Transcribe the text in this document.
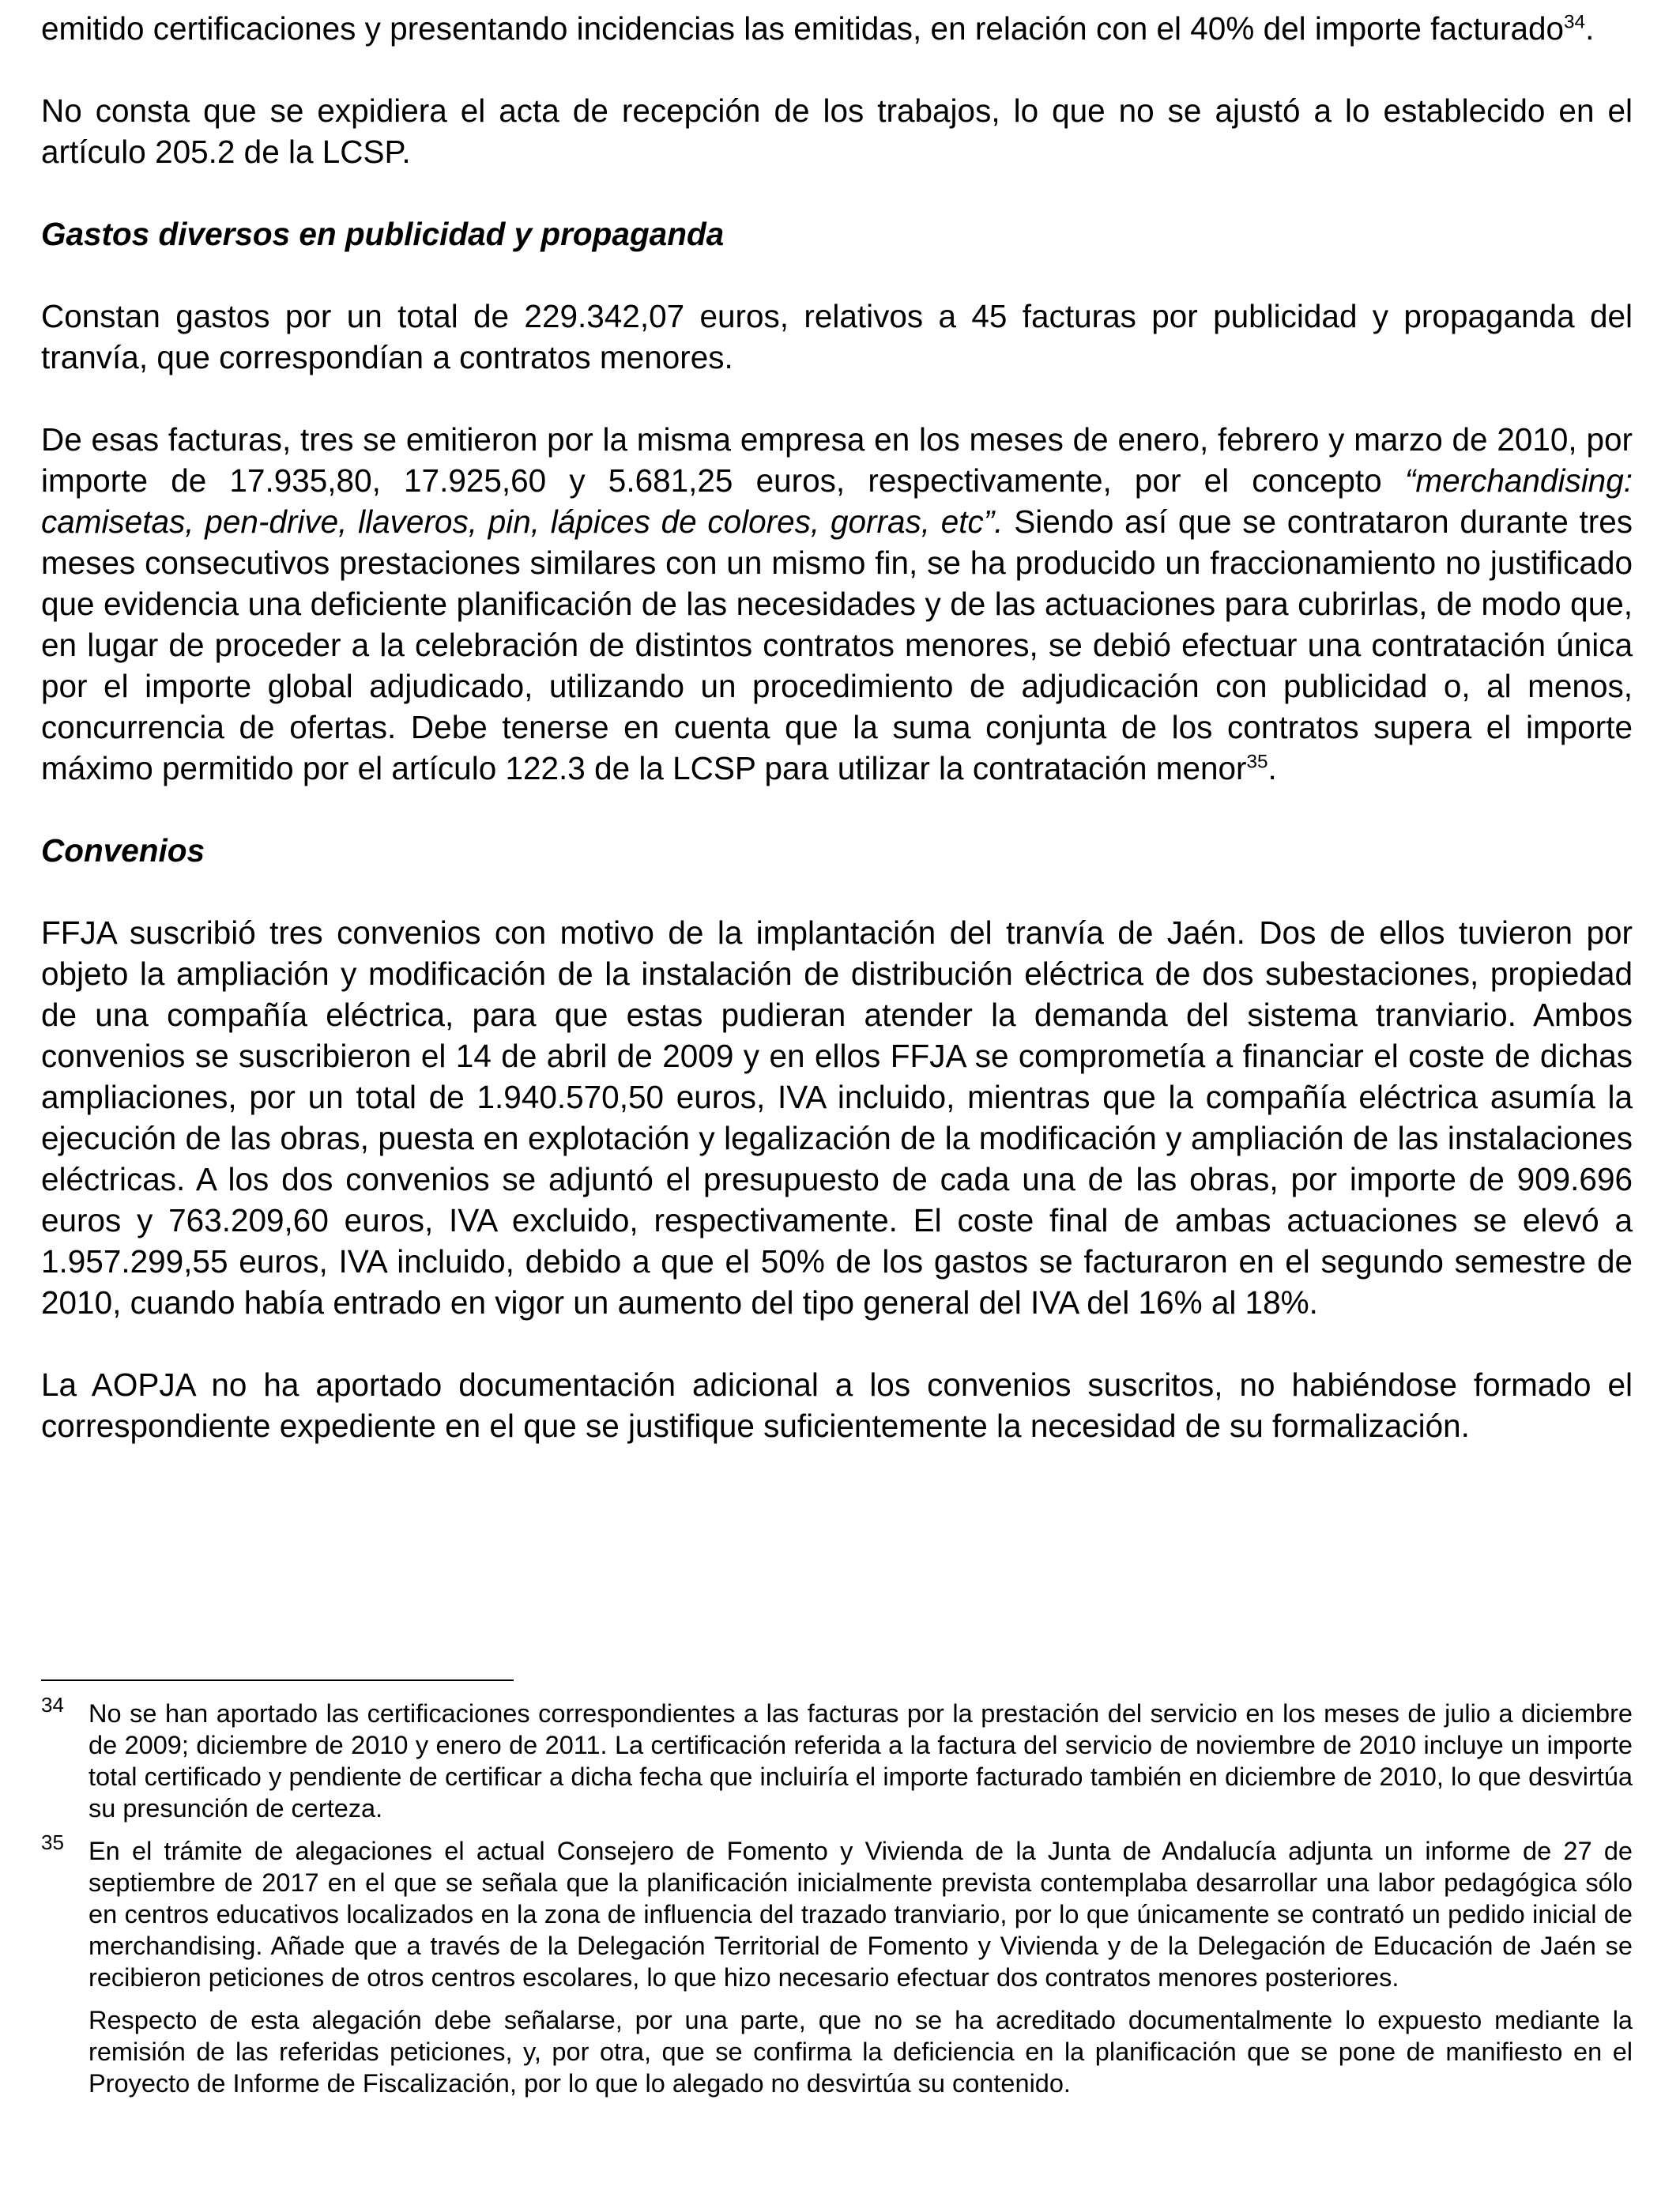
emitido certificaciones y presentando incidencias las emitidas, en relación con el 40% del importe facturado$^{34}$.

No consta que se expidiera el acta de recepción de los trabajos, lo que no se ajustó a lo establecido en el artículo 205.2 de la LCSP.

Gastos diversos en publicidad y propaganda

Constan gastos por un total de 229.342,07 euros, relativos a 45 facturas por publicidad y propaganda del tranvía, que correspondían a contratos menores.

De esas facturas, tres se emitieron por la misma empresa en los meses de enero, febrero y marzo de 2010, por importe de 17.935,80, 17.925,60 y 5.681,25 euros, respectivamente, por el concepto “merchandising: camisetas, pen-drive, llaveros, pin, lápices de colores, gorras, etc”. Siendo así que se contrataron durante tres meses consecutivos prestaciones similares con un mismo fin, se ha producido un fraccionamiento no justificado que evidencia una deficiente planificación de las necesidades y de las actuaciones para cubrirlas, de modo que, en lugar de proceder a la celebración de distintos contratos menores, se debió efectuar una contratación única por el importe global adjudicado, utilizando un procedimiento de adjudicación con publicidad o, al menos, concurrencia de ofertas. Debe tenerse en cuenta que la suma conjunta de los contratos supera el importe máximo permitido por el artículo 122.3 de la LCSP para utilizar la contratación menor$^{35}$.

Convenios

FFJA suscribió tres convenios con motivo de la implantación del tranvía de Jaén. Dos de ellos tuvieron por objeto la ampliación y modificación de la instalación de distribución eléctrica de dos subestaciones, propiedad de una compañía eléctrica, para que estas pudieran atender la demanda del sistema tranviario. Ambos convenios se suscribieron el 14 de abril de 2009 y en ellos FFJA se comprometía a financiar el coste de dichas ampliaciones, por un total de 1.940.570,50 euros, IVA incluido, mientras que la compañía eléctrica asumía la ejecución de las obras, puesta en explotación y legalización de la modificación y ampliación de las instalaciones eléctricas. A los dos convenios se adjuntó el presupuesto de cada una de las obras, por importe de 909.696 euros y 763.209,60 euros, IVA excluido, respectivamente. El coste final de ambas actuaciones se elevó a 1.957.299,55 euros, IVA incluido, debido a que el 50% de los gastos se facturaron en el segundo semestre de 2010, cuando había entrado en vigor un aumento del tipo general del IVA del 16% al 18%.

La AOPJA no ha aportado documentación adicional a los convenios suscritos, no habiéndose formado el correspondiente expediente en el que se justifique suficientemente la necesidad de su formalización.

34 No se han aportado las certificaciones correspondientes a las facturas por la prestación del servicio en los meses de julio a diciembre de 2009; diciembre de 2010 y enero de 2011. La certificación referida a la factura del servicio de noviembre de 2010 incluye un importe total certificado y pendiente de certificar a dicha fecha que incluiría el importe facturado también en diciembre de 2010, lo que desvirtúa su presunción de certeza.

35 En el trámite de alegaciones el actual Consejero de Fomento y Vivienda de la Junta de Andalucía adjunta un informe de 27 de septiembre de 2017 en el que se señala que la planificación inicialmente prevista contemplaba desarrollar una labor pedagógica sólo en centros educativos localizados en la zona de influencia del trazado tranviario, por lo que únicamente se contrató un pedido inicial de merchandising. Añade que a través de la Delegación Territorial de Fomento y Vivienda y de la Delegación de Educación de Jaén se recibieron peticiones de otros centros escolares, lo que hizo necesario efectuar dos contratos menores posteriores.

Respecto de esta alegación debe señalarse, por una parte, que no se ha acreditado documentalmente lo expuesto mediante la remisión de las referidas peticiones, y, por otra, que se confirma la deficiencia en la planificación que se pone de manifiesto en el Proyecto de Informe de Fiscalización, por lo que lo alegado no desvirtúa su contenido.
